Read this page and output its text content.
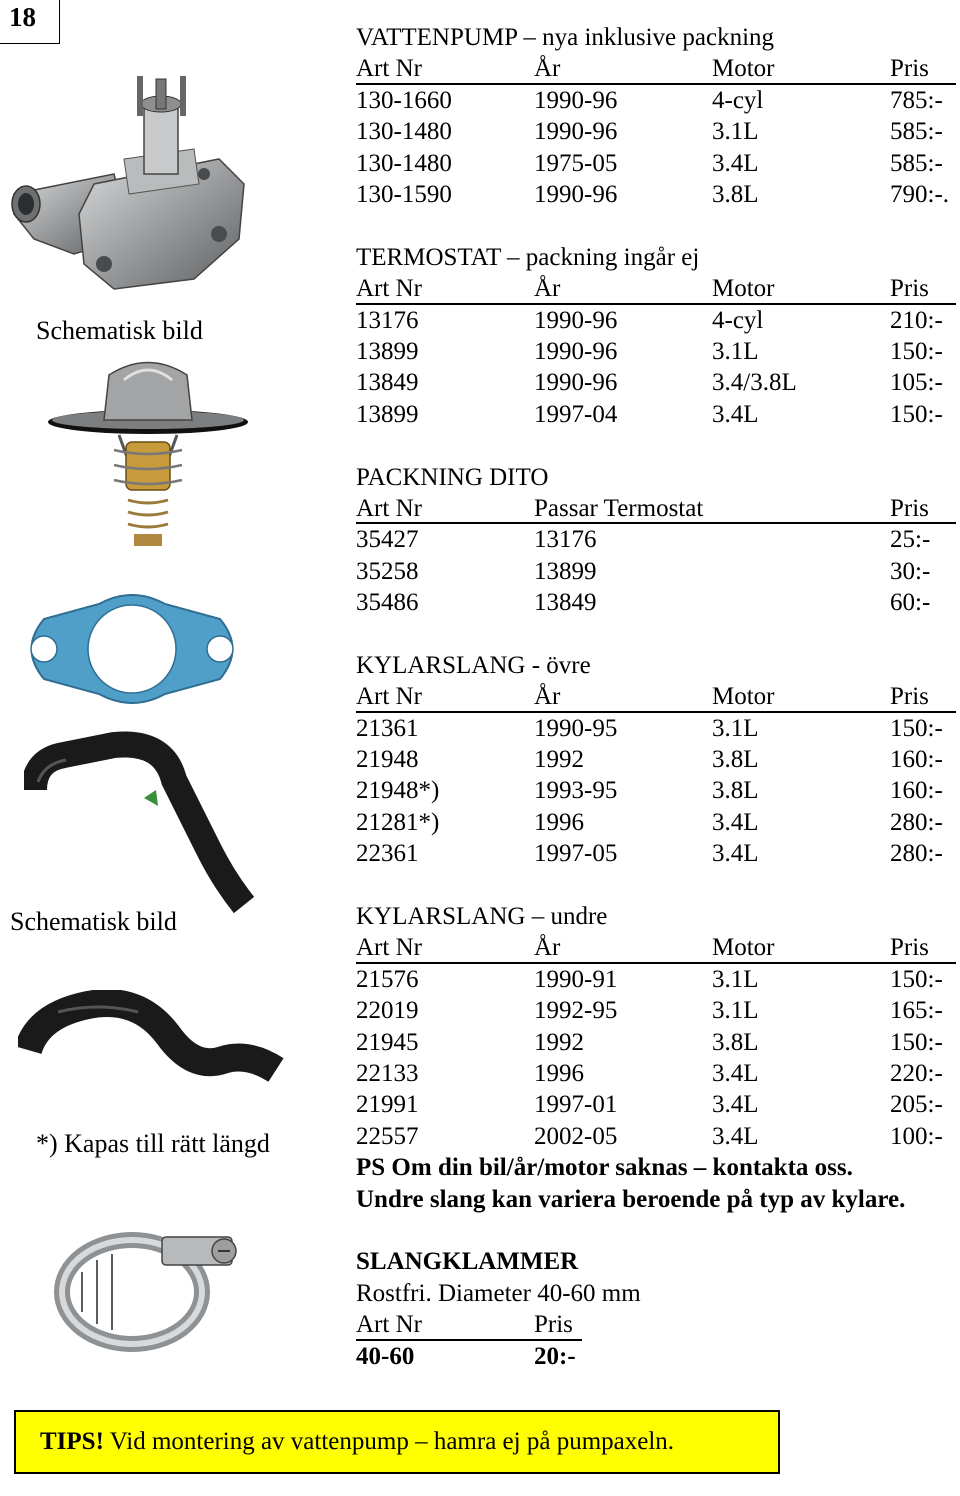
18
Schematisk bild
Schematisk bild
*) Kapas till rätt längd
VATTENPUMP – nya inklusive packning
Art Nr	År	Motor	Pris
130-1660	1990-96	4-cyl	785:-
130-1480	1990-96	3.1L	585:-
130-1480	1975-05	3.4L	585:-
130-1590	1990-96	3.8L	790:-.
TERMOSTAT – packning ingår ej
Art Nr	År	Motor	Pris
13176	1990-96	4-cyl	210:-
13899	1990-96	3.1L	150:-
13849	1990-96	3.4/3.8L	105:-
13899	1997-04	3.4L	150:-
PACKNING DITO
Art Nr	Passar Termostat	Pris
35427	13176	25:-
35258	13899	30:-
35486	13849	60:-
KYLARSLANG - övre
Art Nr	År	Motor	Pris
21361	1990-95	3.1L	150:-
21948	1992	3.8L	160:-
21948*)	1993-95	3.8L	160:-
21281*)	1996	3.4L	280:-
22361	1997-05	3.4L	280:-
KYLARSLANG – undre
Art Nr	År	Motor	Pris
21576	1990-91	3.1L	150:-
22019	1992-95	3.1L	165:-
21945	1992	3.8L	150:-
22133	1996	3.4L	220:-
21991	1997-01	3.4L	205:-
22557	2002-05	3.4L	100:-
PS Om din bil/år/motor saknas – kontakta oss.
Undre slang kan variera beroende på typ av kylare.
SLANGKLAMMER
Rostfri. Diameter 40-60 mm
Art Nr	Pris
40-60	20:-
TIPS! Vid montering av vattenpump – hamra ej på pumpaxeln.
